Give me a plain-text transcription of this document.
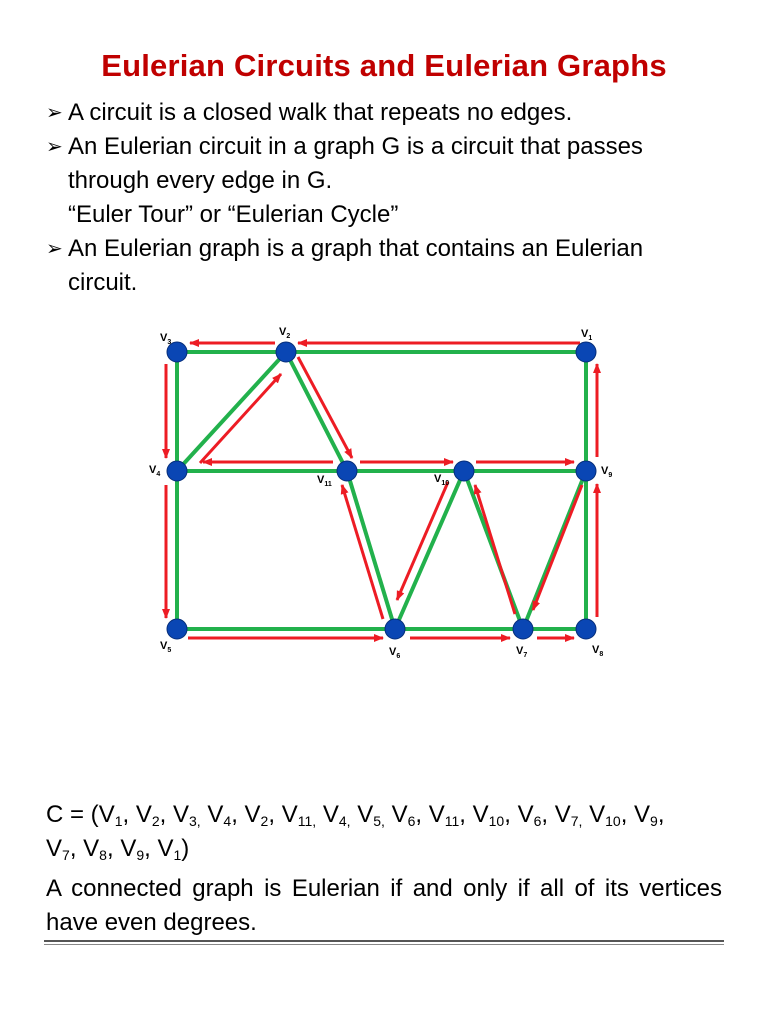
Eulerian Circuits and Eulerian Graphs

➢ A circuit is a closed walk that repeats no edges.

➢ An Eulerian circuit in a graph G is a circuit that passes

through every edge in G.

“Euler Tour” or “Eulerian Cycle”

➢ An Eulerian graph is a graph that contains an Eulerian

circuit.

$V_1$
$V_2$
$V_3$
$V_4$
$V_5$	$V_6$	$V_7$	$V_8$
$V_9$
$V_{10}$
$V_{11}$
$C = (V_1$, $V_2$, $V_{3,}$ $V_4$, $V_2$, $V_{11,}$ $V_{4,}$ $V_{5,}$ $V_6$, $V_{11}$, $V_{10}$, $V_6$, $V_{7,}$ $V_{10}$, $V_9$,
$V_7$, $V_8$, $V_9$, $V_1$)
A connected graph is Eulerian if and only if all of its vertices have even degrees.
